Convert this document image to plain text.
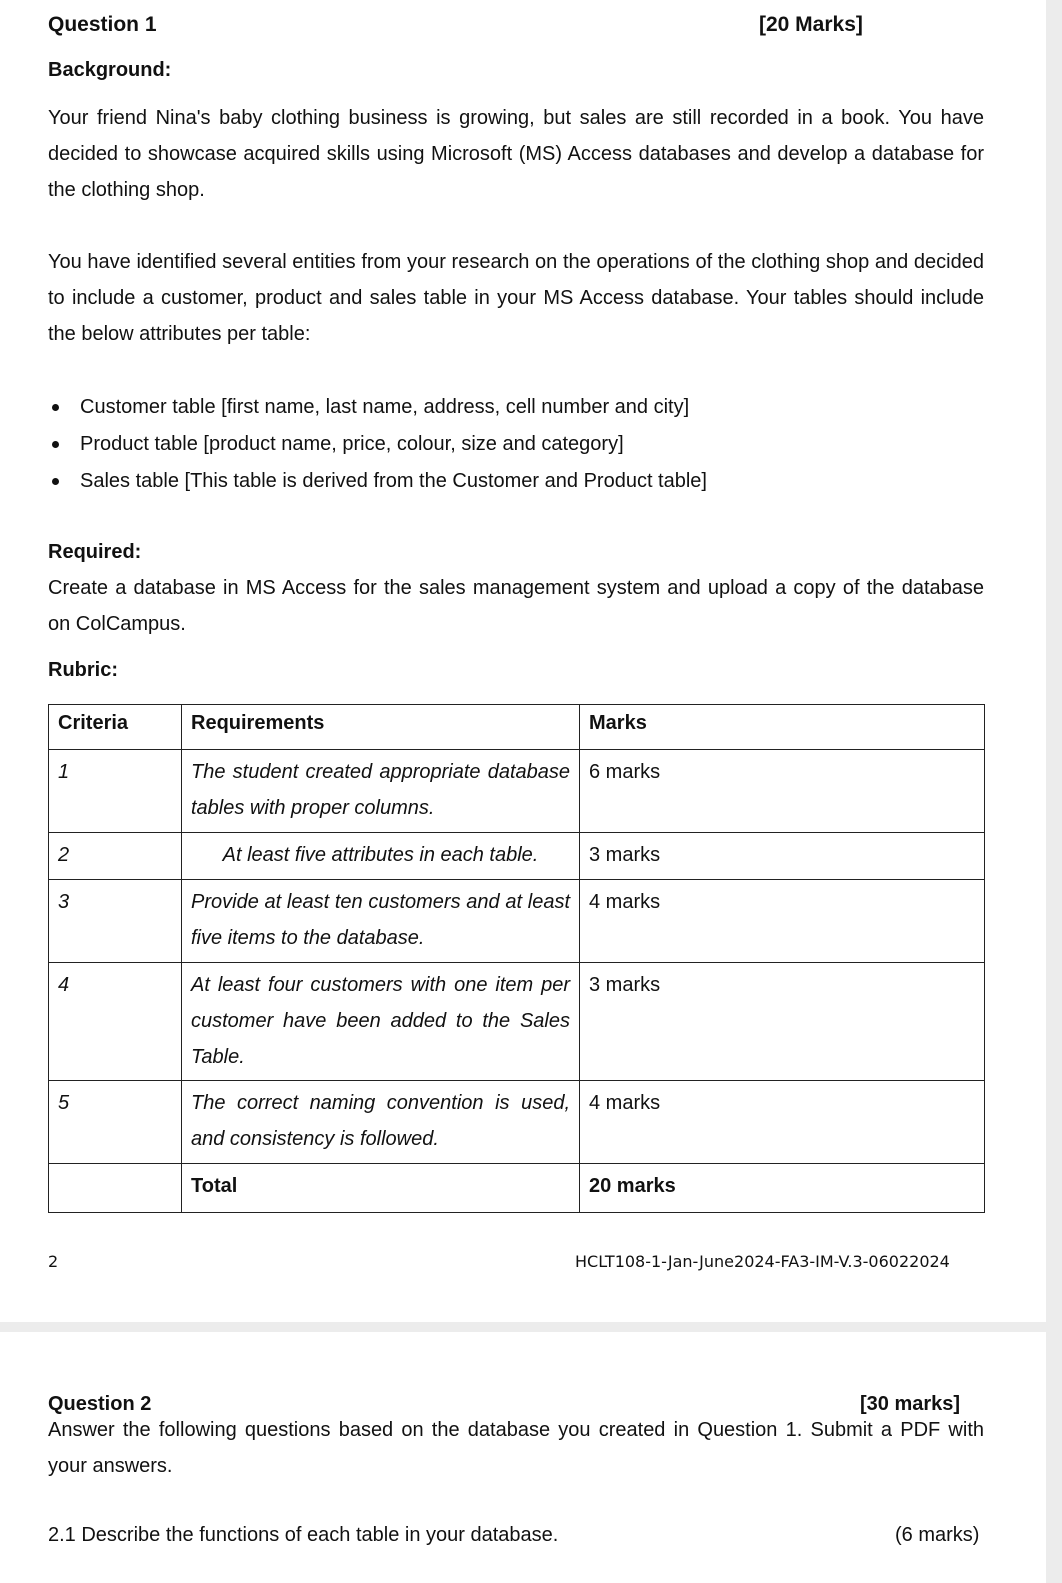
Question 1	[20 Marks]
Background:
Your friend Nina's baby clothing business is growing, but sales are still recorded in a book. You have decided to showcase acquired skills using Microsoft (MS) Access databases and develop a database for the clothing shop.
You have identified several entities from your research on the operations of the clothing shop and decided to include a customer, product and sales table in your MS Access database. Your tables should include the below attributes per table:
Customer table [first name, last name, address, cell number and city]
Product table [product name, price, colour, size and category]
Sales table [This table is derived from the Customer and Product table]
Required:
Create a database in MS Access for the sales management system and upload a copy of the database on ColCampus.
Rubric:
Criteria	Requirements	Marks
1	The student created appropriate database tables with proper columns.	6 marks
2	At least five attributes in each table.	3 marks
3	Provide at least ten customers and at least five items to the database.	4 marks
4	At least four customers with one item per customer have been added to the Sales Table.	3 marks
5	The correct naming convention is used, and consistency is followed.	4 marks
	Total	20 marks
2	HCLT108-1-Jan-June2024-FA3-IM-V.3-06022024
Question 2	[30 marks]
Answer the following questions based on the database you created in Question 1. Submit a PDF with your answers.
2.1 Describe the functions of each table in your database.	(6 marks)
